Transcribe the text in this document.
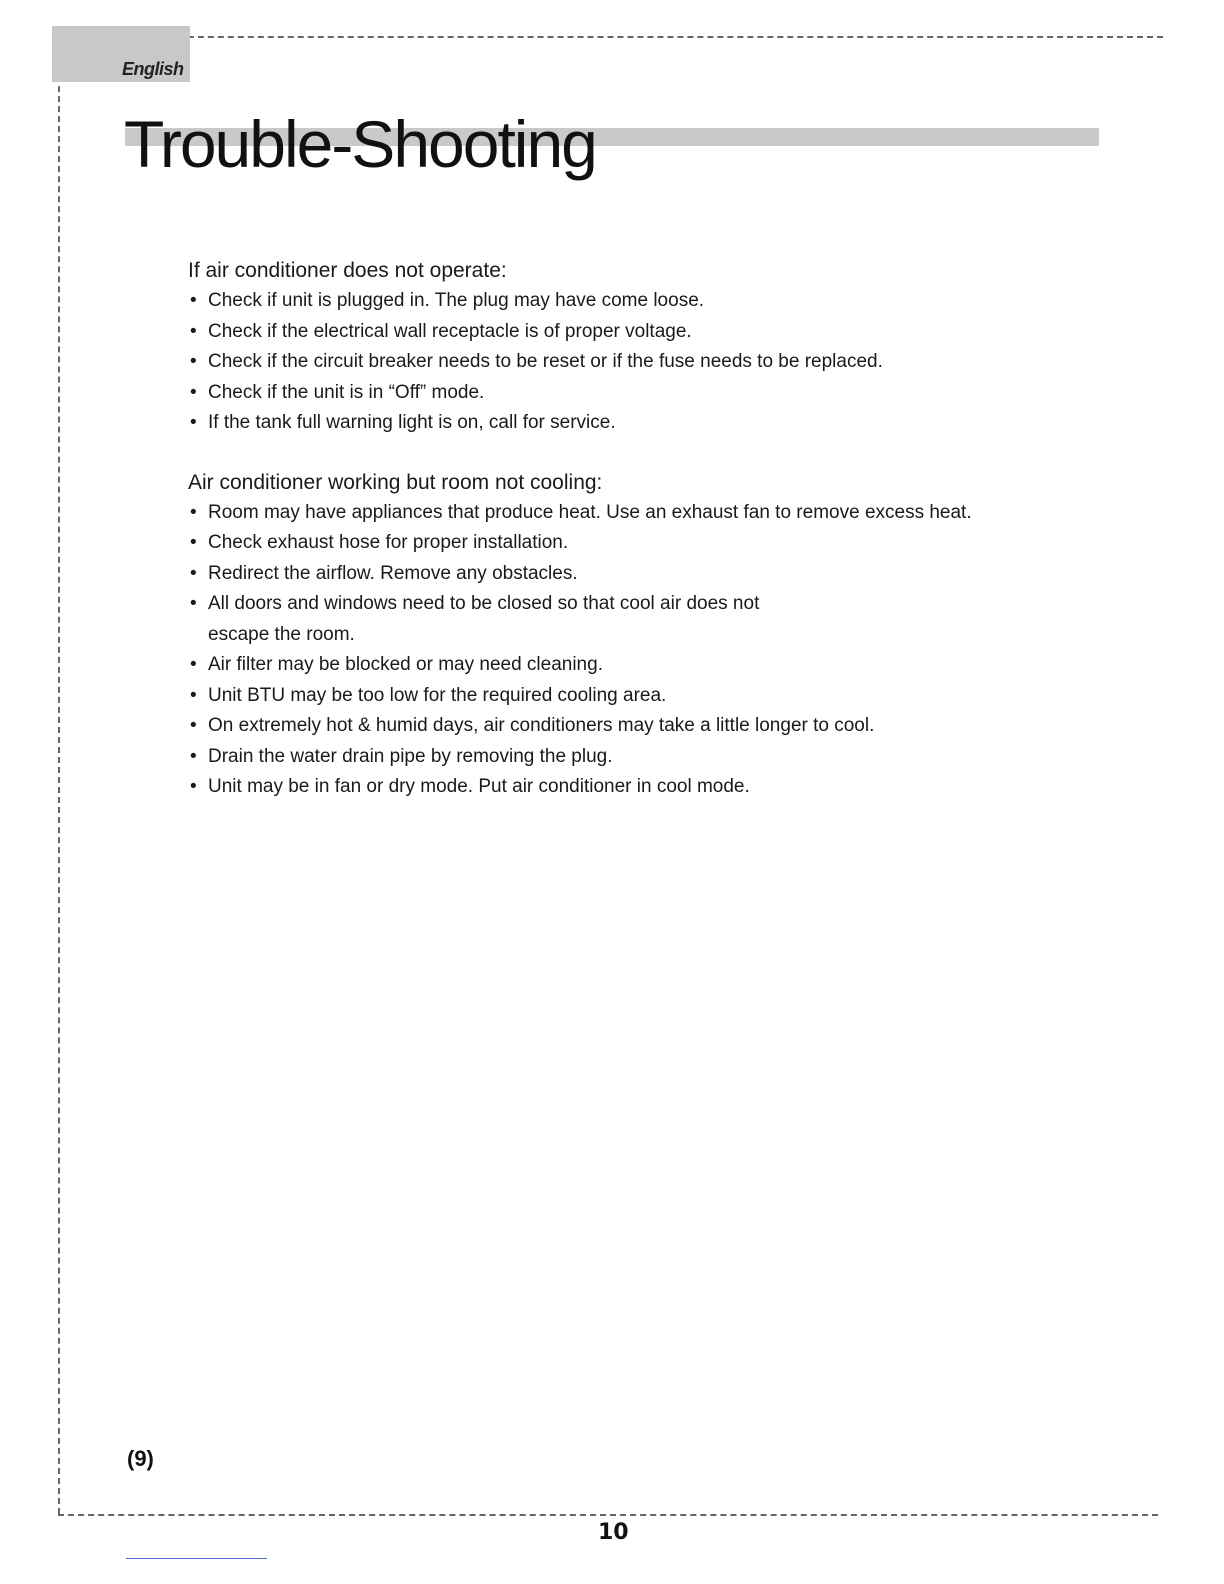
English
Trouble-Shooting

If air conditioner does not operate:

• Check if unit is plugged in. The plug may have come loose.
• Check if the electrical wall receptacle is of proper voltage.
• Check if the circuit breaker needs to be reset or if the fuse needs to be replaced.
• Check if the unit is in “Off” mode.
• If the tank full warning light is on, call for service.

Air conditioner working but room not cooling:

• Room may have appliances that produce heat. Use an exhaust fan to remove excess heat.
• Check exhaust hose for proper installation.
• Redirect the airflow. Remove any obstacles.
• All doors and windows need to be closed so that cool air does not escape the room.
• Air filter may be blocked or may need cleaning.
• Unit BTU may be too low for the required cooling area.
• On extremely hot & humid days, air conditioners may take a little longer to cool.
• Drain the water drain pipe by removing the plug.
• Unit may be in fan or dry mode. Put air conditioner in cool mode.
(9)
10
